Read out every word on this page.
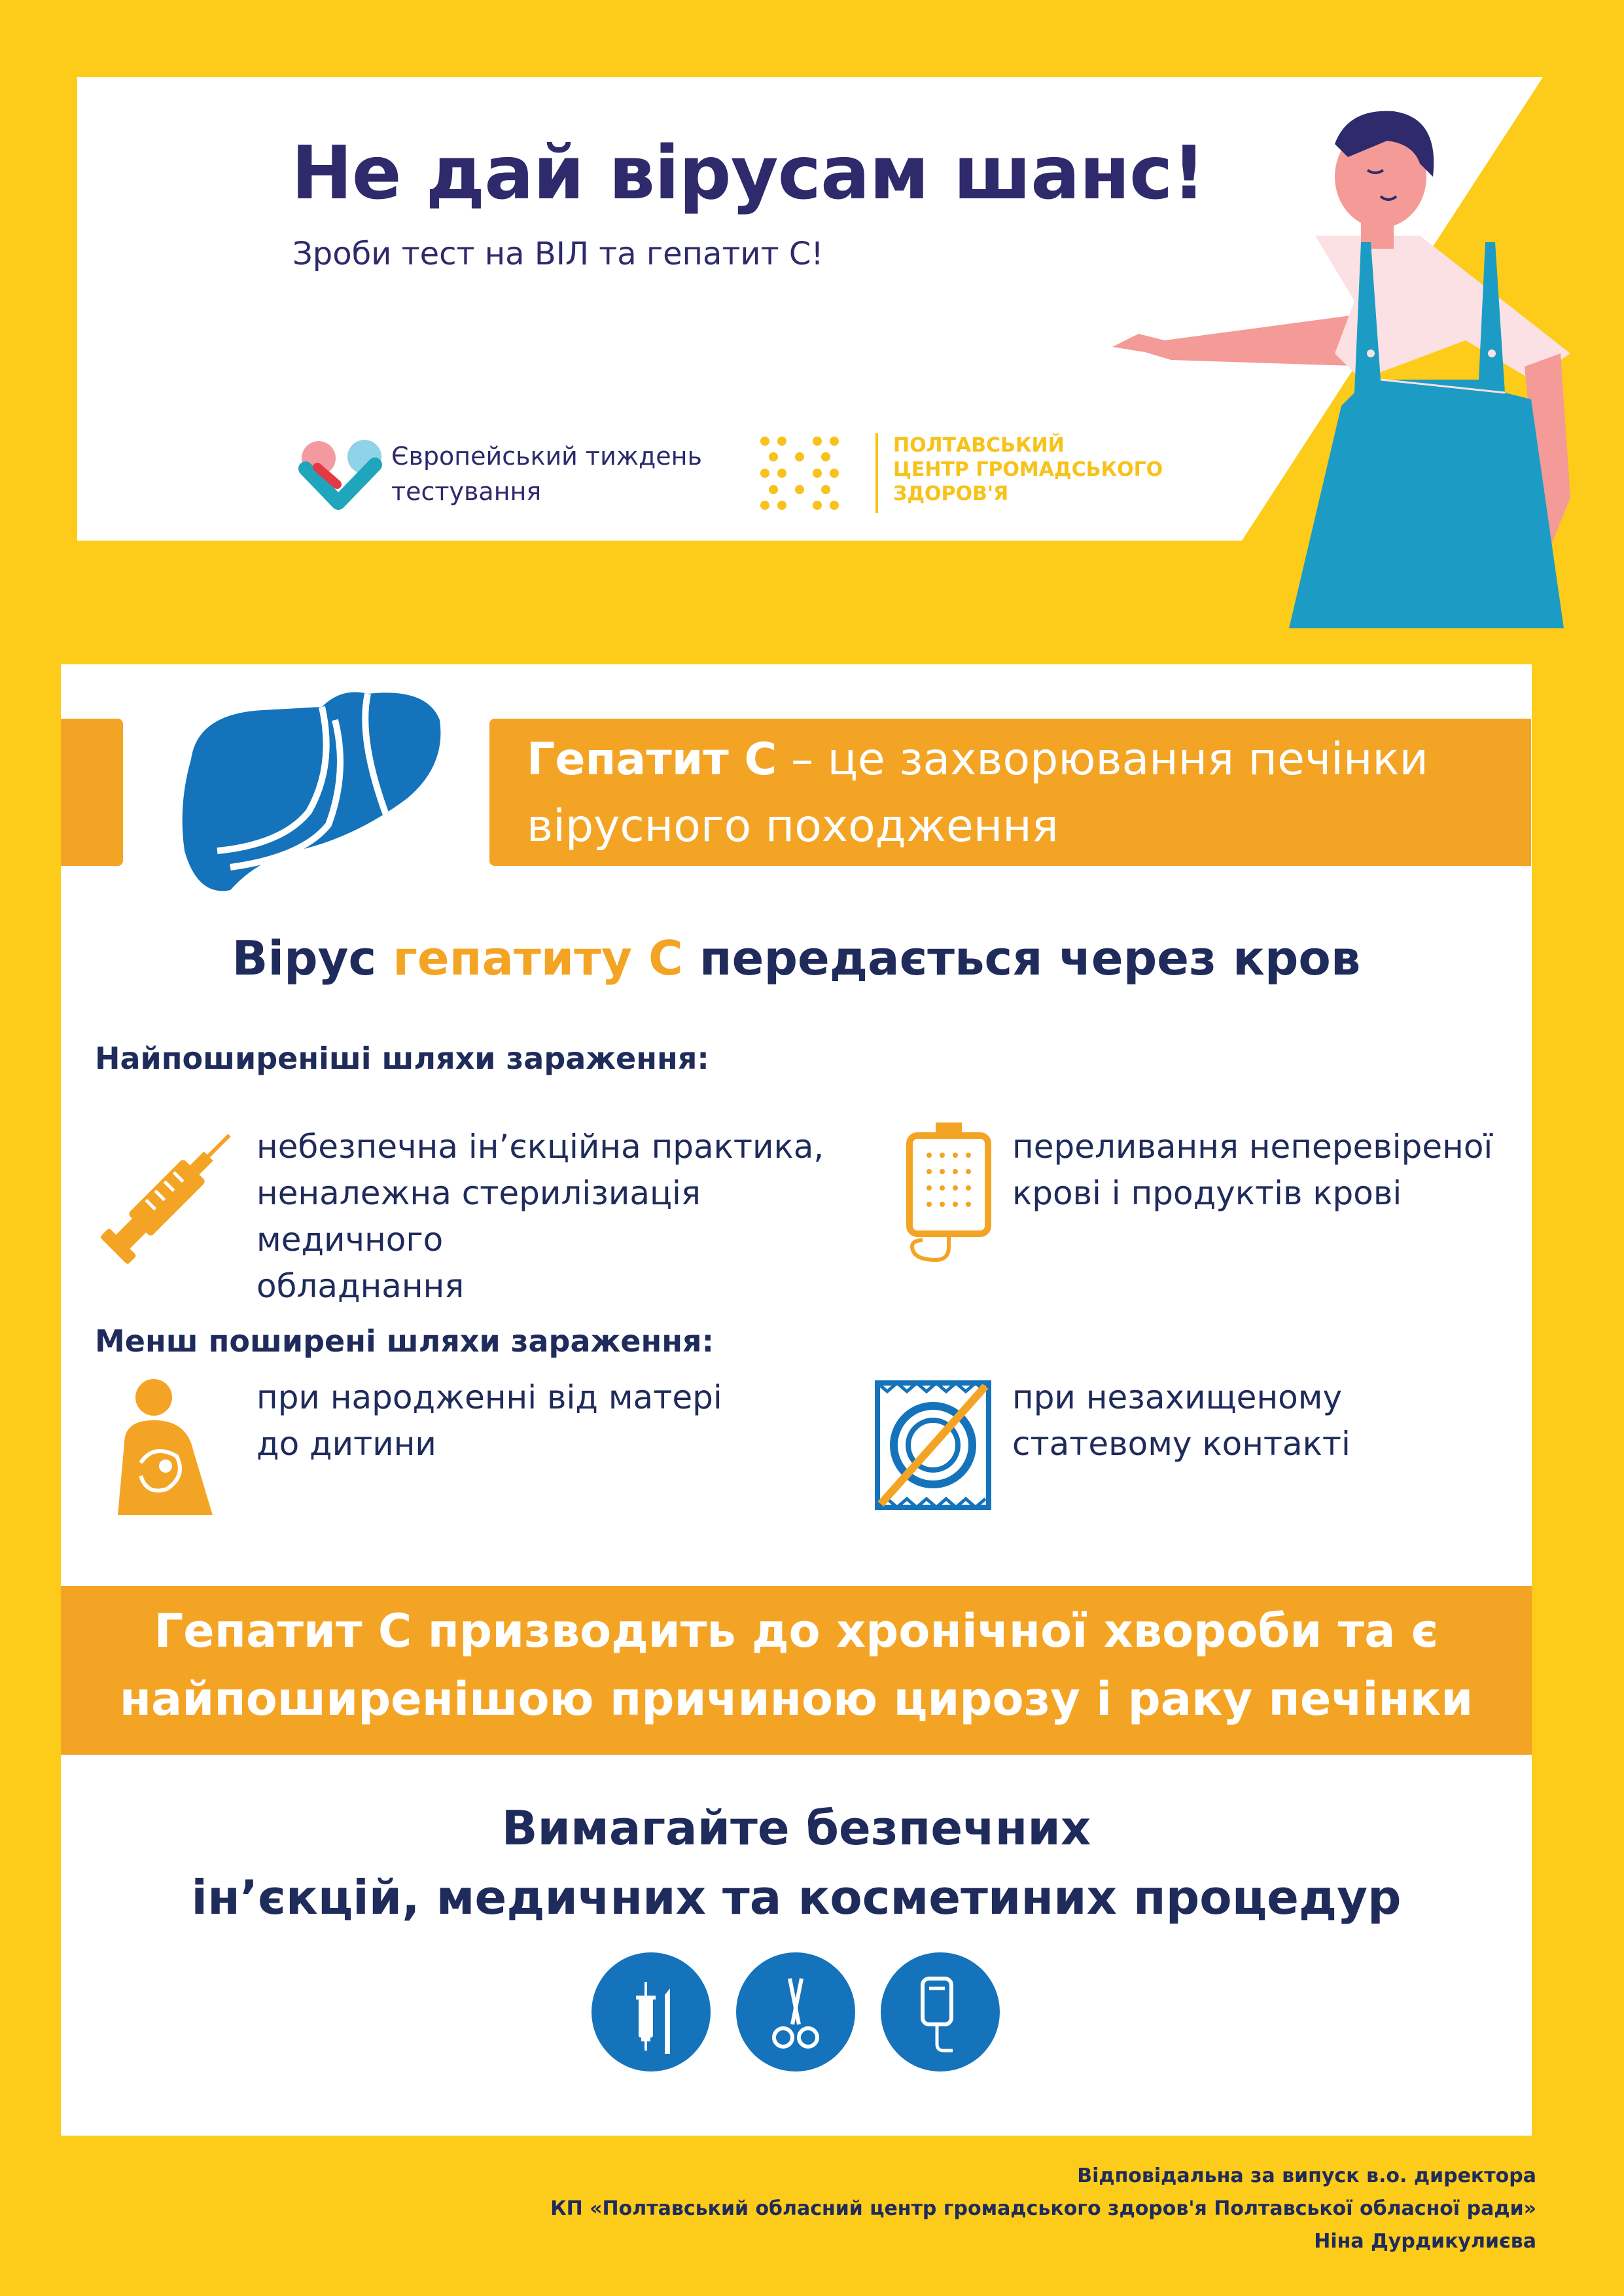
Не дай вірусам шанс!
Зроби тест на ВІЛ та гепатит С!
Європейський тиждень
тестування
ПОЛТАВСЬКИЙ
ЦЕНТР ГРОМАДСЬКОГО
ЗДОРОВ'Я
Гепатит С – це захворювання печінки вірусного походження
Вірус гепатиту С передається через кров
Найпоширеніші шляхи зараження:
небезпечна ін’єкційна практика,
неналежна стерилізиація медичного
обладнання
переливання неперевіреної
крові і продуктів крові
Менш поширені шляхи зараження:
при народженні від матері
до дитини
при незахищеному
статевому контакті
Гепатит С призводить до хронічної хвороби та є
найпоширенішою причиною цирозу і раку печінки
Вимагайте безпечних
ін’єкцій, медичних та косметиних процедур
Відповідальна за випуск в.о. директора
КП «Полтавський обласний центр громадського здоров'я Полтавської обласної ради»
Ніна Дурдикулиєва
